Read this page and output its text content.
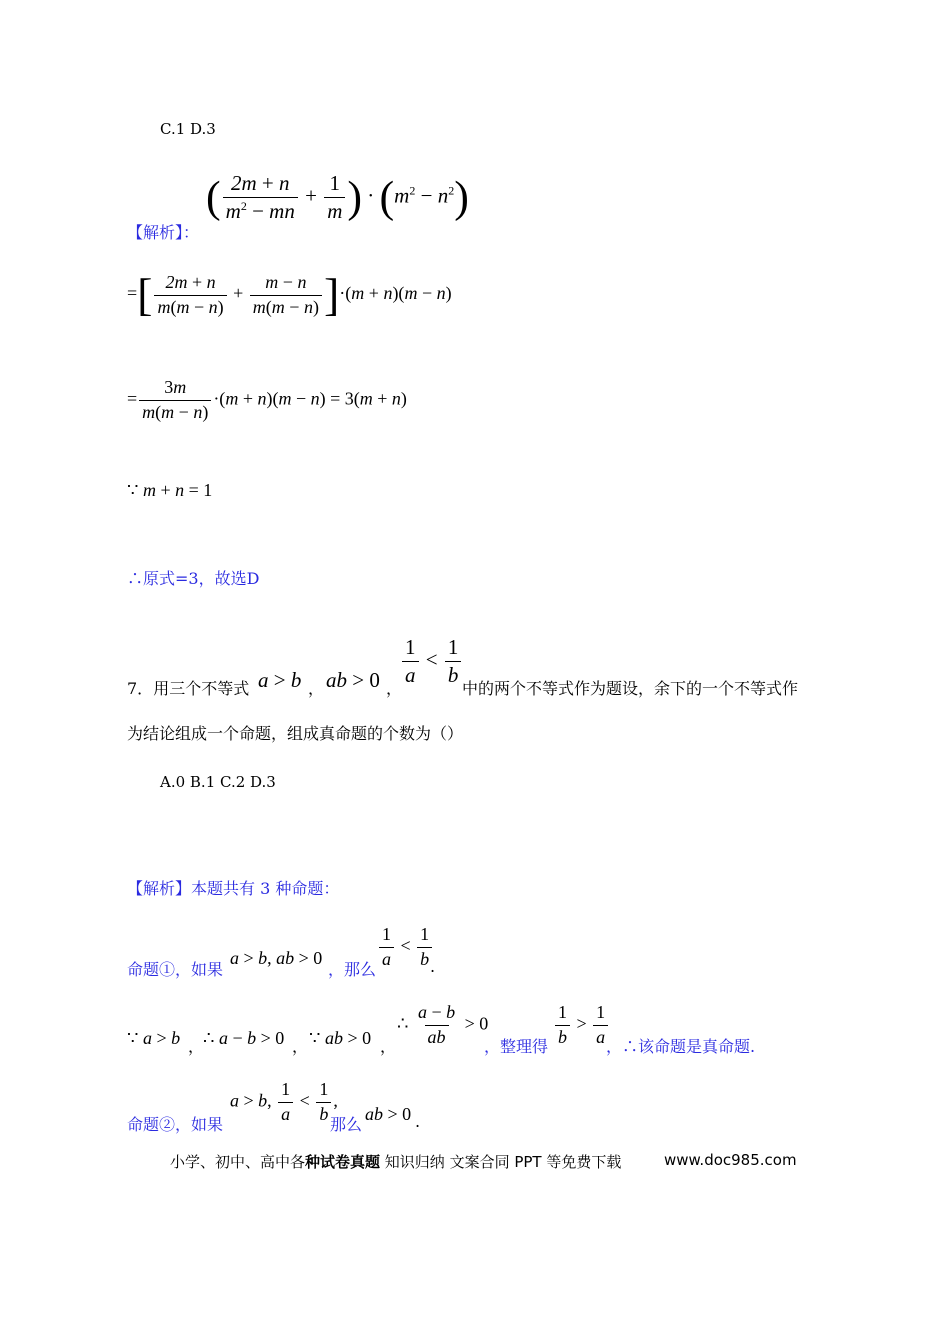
C.1 D.3
【解析】：
( $\frac{2m + n}{m^2 - mn} + \frac{1}{m}$ ) · $(m^2 - n^2)$
=[ $\frac{2m + n}{m(m - n)} + \frac{m - n}{m(m - n)} ]\cdot(m + n)(m - n)$
= $\frac{3m}{m(m - n)} \cdot(m + n)(m - n) = 3(m + n)$
∵ m + n = 1
∴原式=3，故选D
7．用三个不等式 a > b ， ab > 0 ，
$\frac{1}{a} < \frac{1}{b}$
中的两个不等式作为题设，余下的一个不等式作
为结论组成一个命题，组成真命题的个数为（）
A.0 B.1 C.2 D.3
【解析】本题共有 3 种命题：
命题①，如果
a > b, ab > 0
，那么 $\frac{1}{a} < \frac{1}{b}$
.
∵ a > b ，
∴ a − b > 0 ， ∵ ab > 0 ，
∴ $\frac{a - b}{ab} > 0$
，整理得 $\frac{1}{b} > \frac{1}{a}$
，∴该命题是真命题.
命题②，如果
a > b, $\frac{1}{a} < \frac{1}{b}$ ,
那么
ab > 0 .
小学、初中、高中各种试卷真题 知识归纳 文案合同 PPT 等免费下载	www.doc985.com
